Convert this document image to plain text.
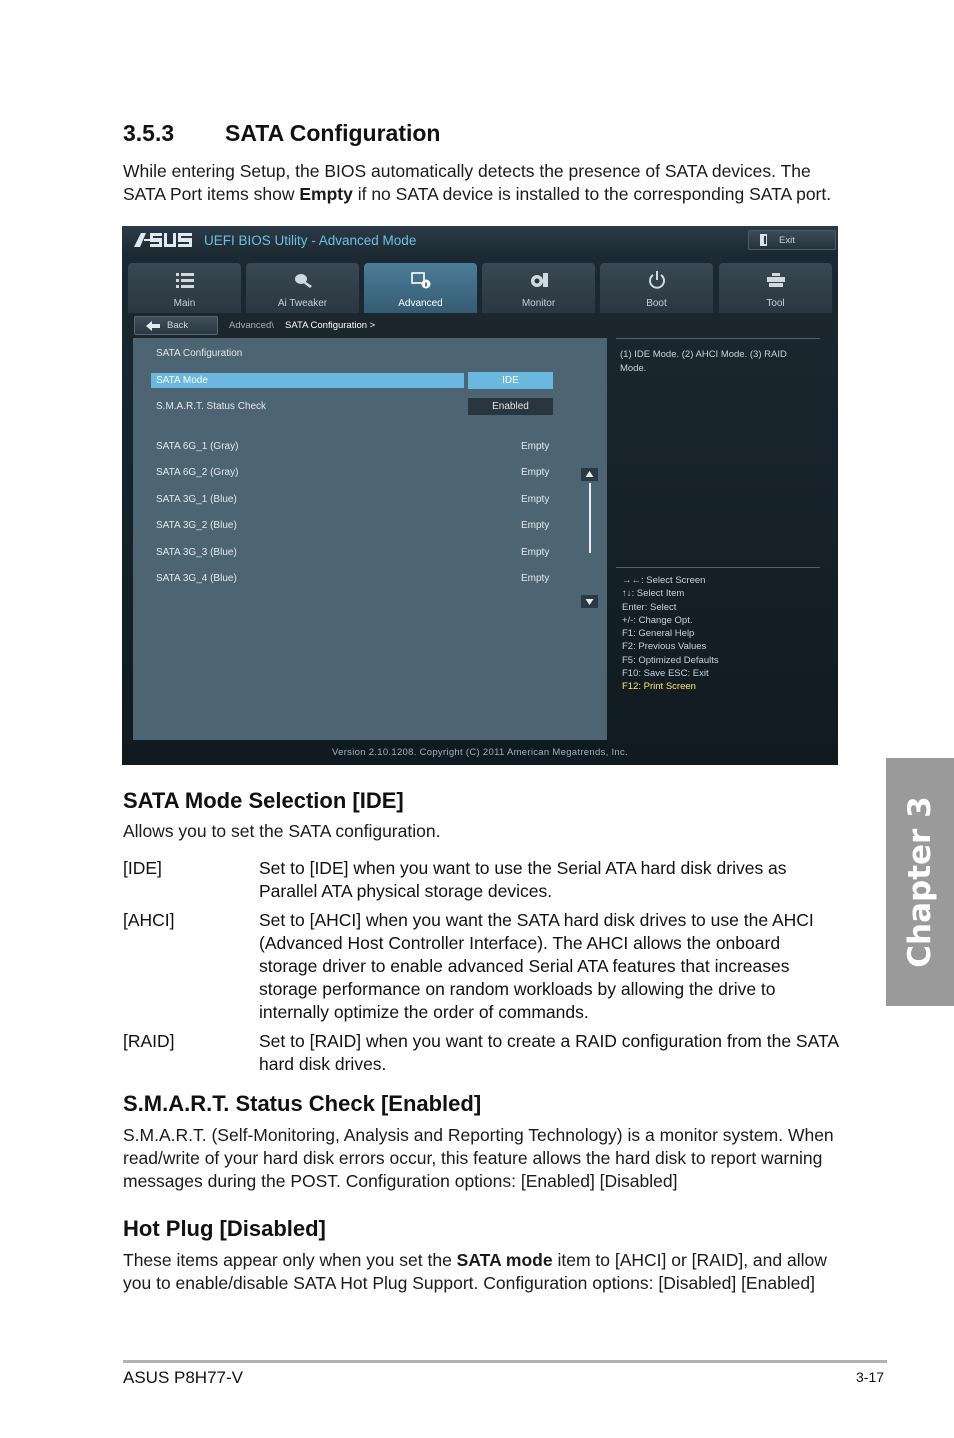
3.5.3 SATA Configuration
While entering Setup, the BIOS automatically detects the presence of SATA devices. The SATA Port items show Empty if no SATA device is installed to the corresponding SATA port.
UEFI BIOS Utility - Advanced Mode	Exit
Main	Ai Tweaker	Advanced	Monitor	Boot	Tool
Back	Advanced\ SATA Configuration >
SATA Configuration
SATA Mode	IDE
S.M.A.R.T. Status Check	Enabled
SATA 6G_1 (Gray)	Empty
SATA 6G_2 (Gray)	Empty
SATA 3G_1 (Blue)	Empty
SATA 3G_2 (Blue)	Empty
SATA 3G_3 (Blue)	Empty
SATA 3G_4 (Blue)	Empty
(1) IDE Mode. (2) AHCI Mode. (3) RAID Mode.
→←: Select Screen
↑↓: Select Item
Enter: Select
+/-: Change Opt.
F1: General Help
F2: Previous Values
F5: Optimized Defaults
F10: Save ESC: Exit
F12: Print Screen
Version 2.10.1208. Copyright (C) 2011 American Megatrends, Inc.
SATA Mode Selection [IDE]
Allows you to set the SATA configuration.
[IDE]	Set to [IDE] when you want to use the Serial ATA hard disk drives as Parallel ATA physical storage devices.
[AHCI]	Set to [AHCI] when you want the SATA hard disk drives to use the AHCI (Advanced Host Controller Interface). The AHCI allows the onboard storage driver to enable advanced Serial ATA features that increases storage performance on random workloads by allowing the drive to internally optimize the order of commands.
[RAID]	Set to [RAID] when you want to create a RAID configuration from the SATA hard disk drives.
S.M.A.R.T. Status Check [Enabled]
S.M.A.R.T. (Self-Monitoring, Analysis and Reporting Technology) is a monitor system. When read/write of your hard disk errors occur, this feature allows the hard disk to report warning messages during the POST. Configuration options: [Enabled] [Disabled]
Hot Plug [Disabled]
These items appear only when you set the SATA mode item to [AHCI] or [RAID], and allow you to enable/disable SATA Hot Plug Support. Configuration options: [Disabled] [Enabled]
Chapter 3
ASUS P8H77-V	3-17
